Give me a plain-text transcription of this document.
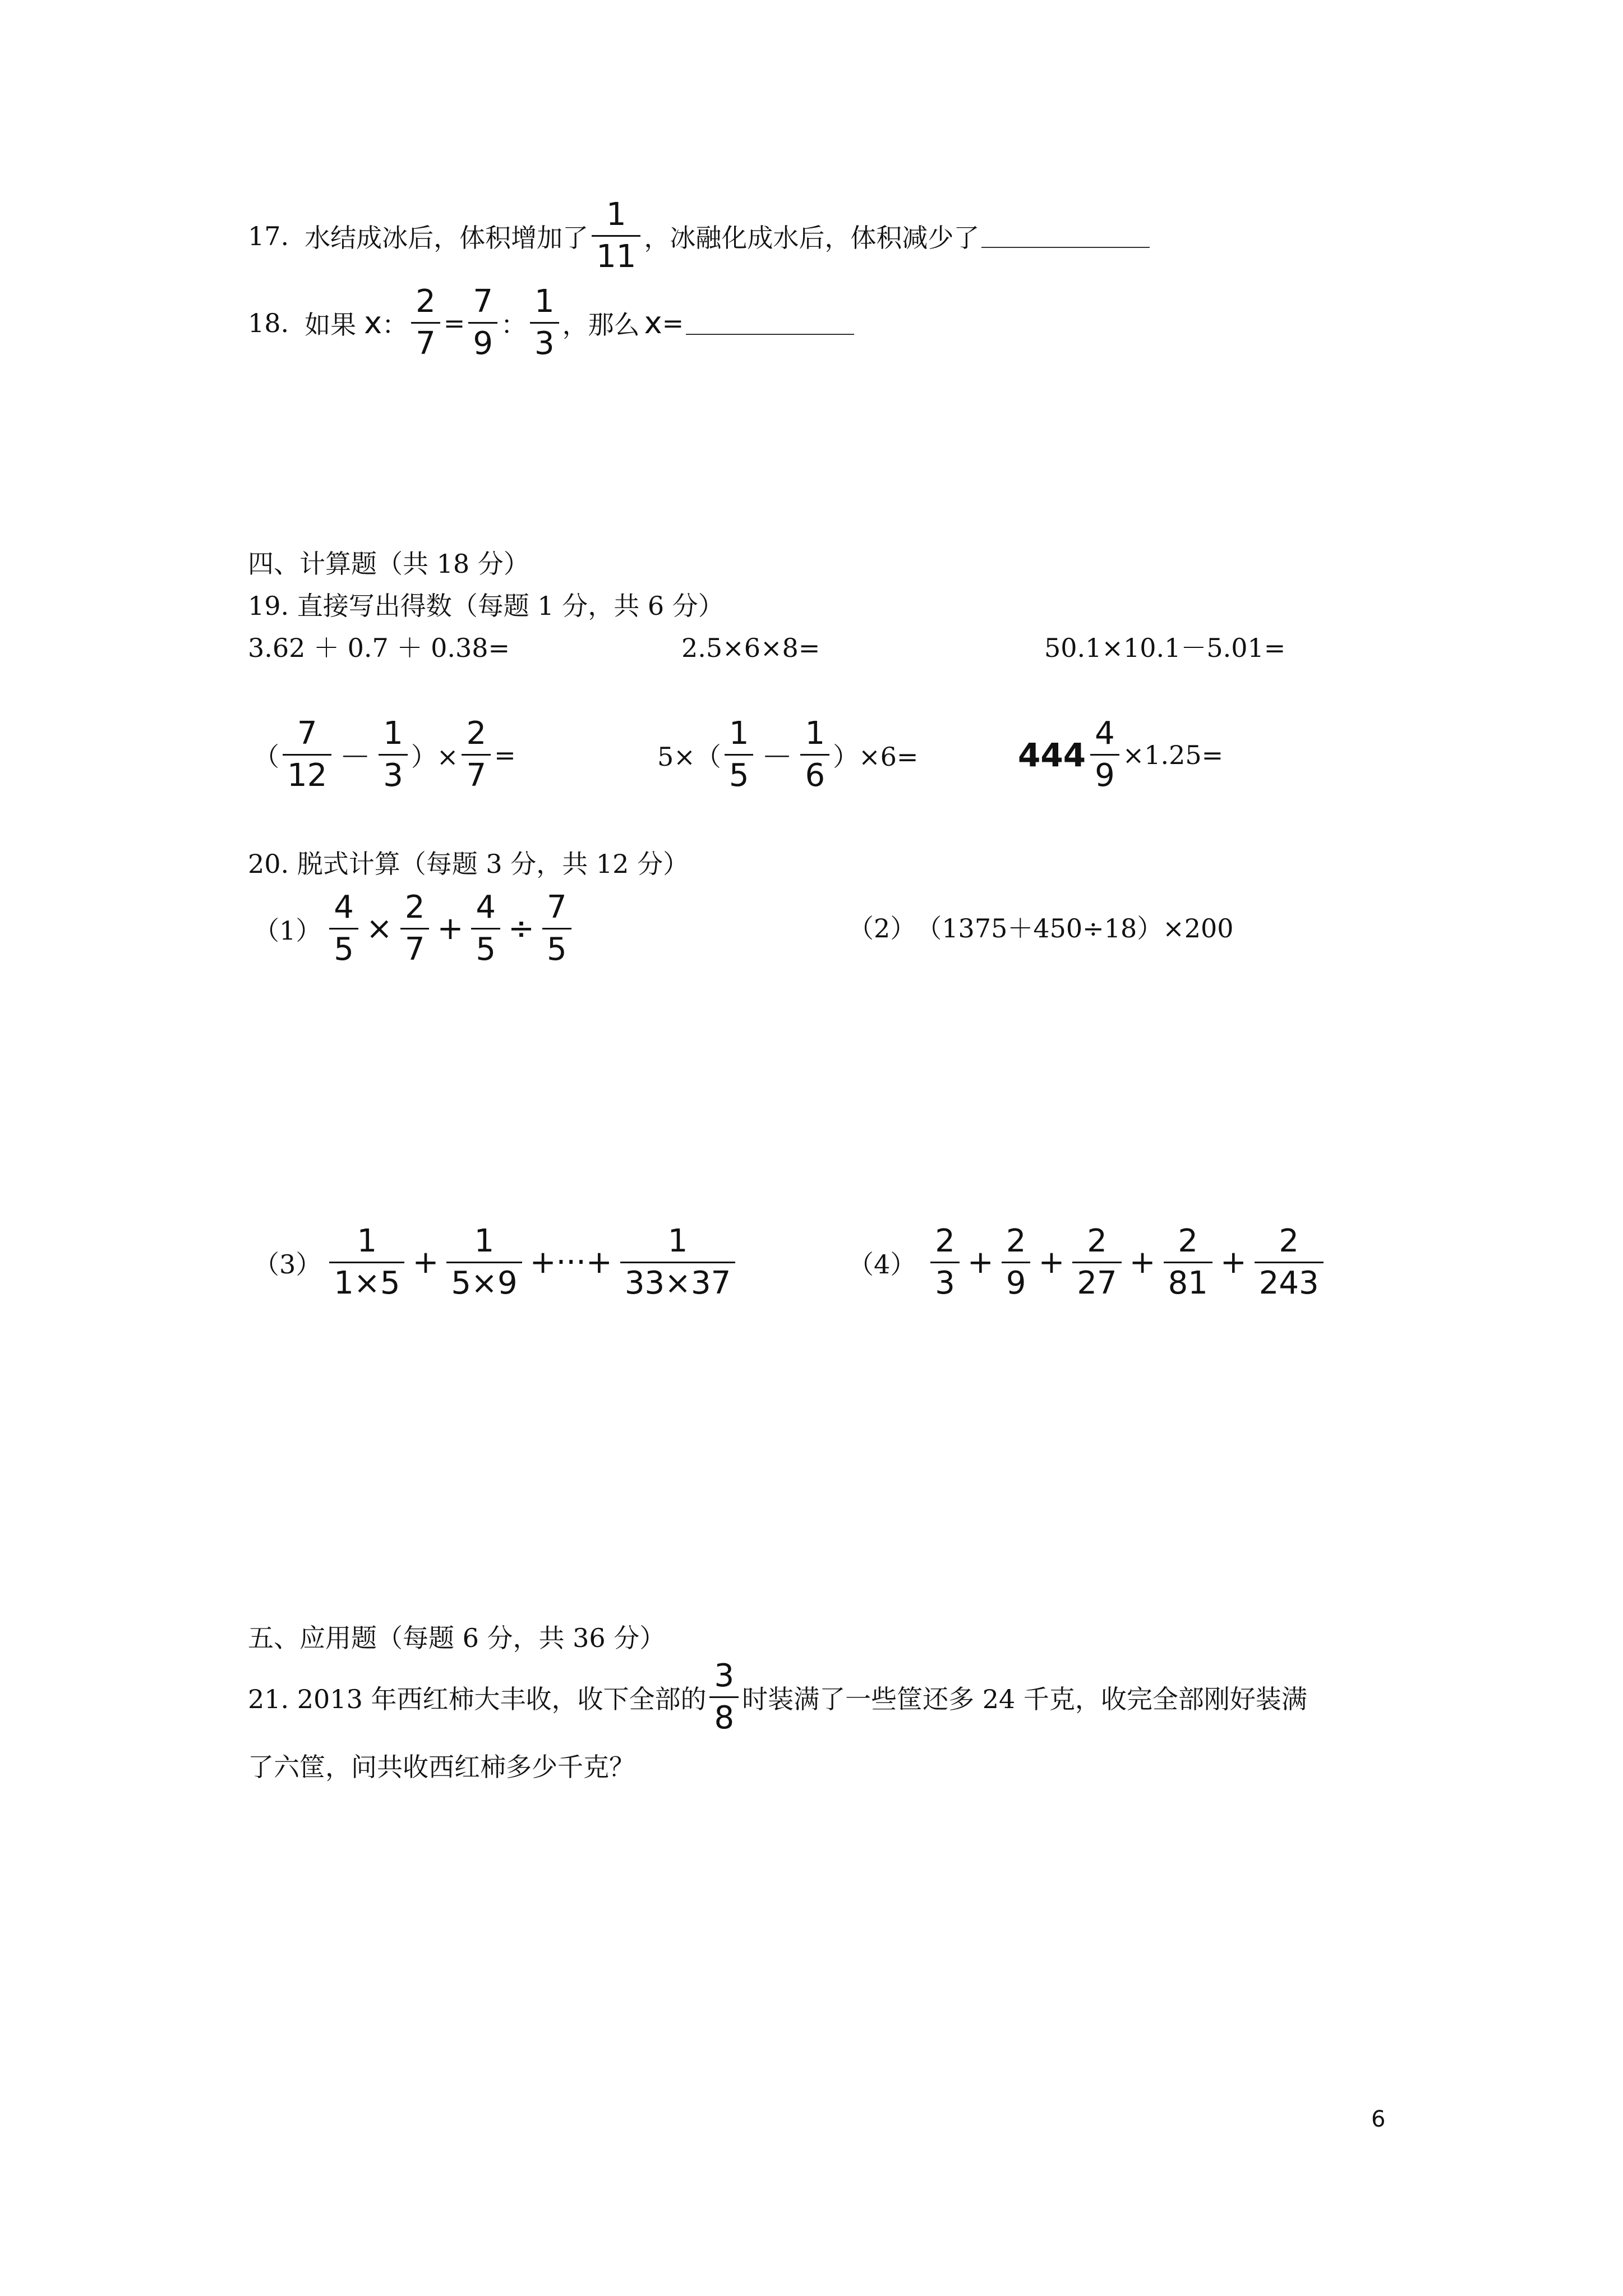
17. 水结成冰后，体积增加了 $\frac{1}{11}$ ，冰融化成水后，体积减少了
18. 如果 x ： $\frac{2}{7} = \frac{7}{9}$ ： $\frac{1}{3}$ ，那么 x =
四、计算题（共 18 分）
19. 直接写出得数（每题 1 分，共 6 分）
3.62 ＋ 0.7 ＋ 0.38=	2.5×6×8=	50.1×10.1－5.01=
（ $\frac{7}{12} - \frac{1}{3}$ ）× $\frac{2}{7}$ =	$5\times( \frac{1}{5} - \frac{1}{6} )\times 6=$	$444 \frac{4}{9} \times 1.25=$
20. 脱式计算（每题 3 分，共 12 分）
$(1) \frac{4}{5} \times \frac{2}{7} + \frac{4}{5} \div \frac{7}{5}$	（2） （1375＋450÷18）×200
$(3) \frac{1}{1\times 5} + \frac{1}{5\times 9}$ +···+ $\frac{1}{33\times 37}$	$(4) \frac{2}{3} + \frac{2}{9} + \frac{2}{27} + \frac{2}{81} + \frac{2}{243}$
五、应用题（每题 6 分，共 36 分）
21. 2013 年西红柿大丰收，收下全部的 $\frac{3}{8}$ 时装满了一些筐还多 24 千克，收完全部刚好装满
了六筐，问共收西红柿多少千克？
6
